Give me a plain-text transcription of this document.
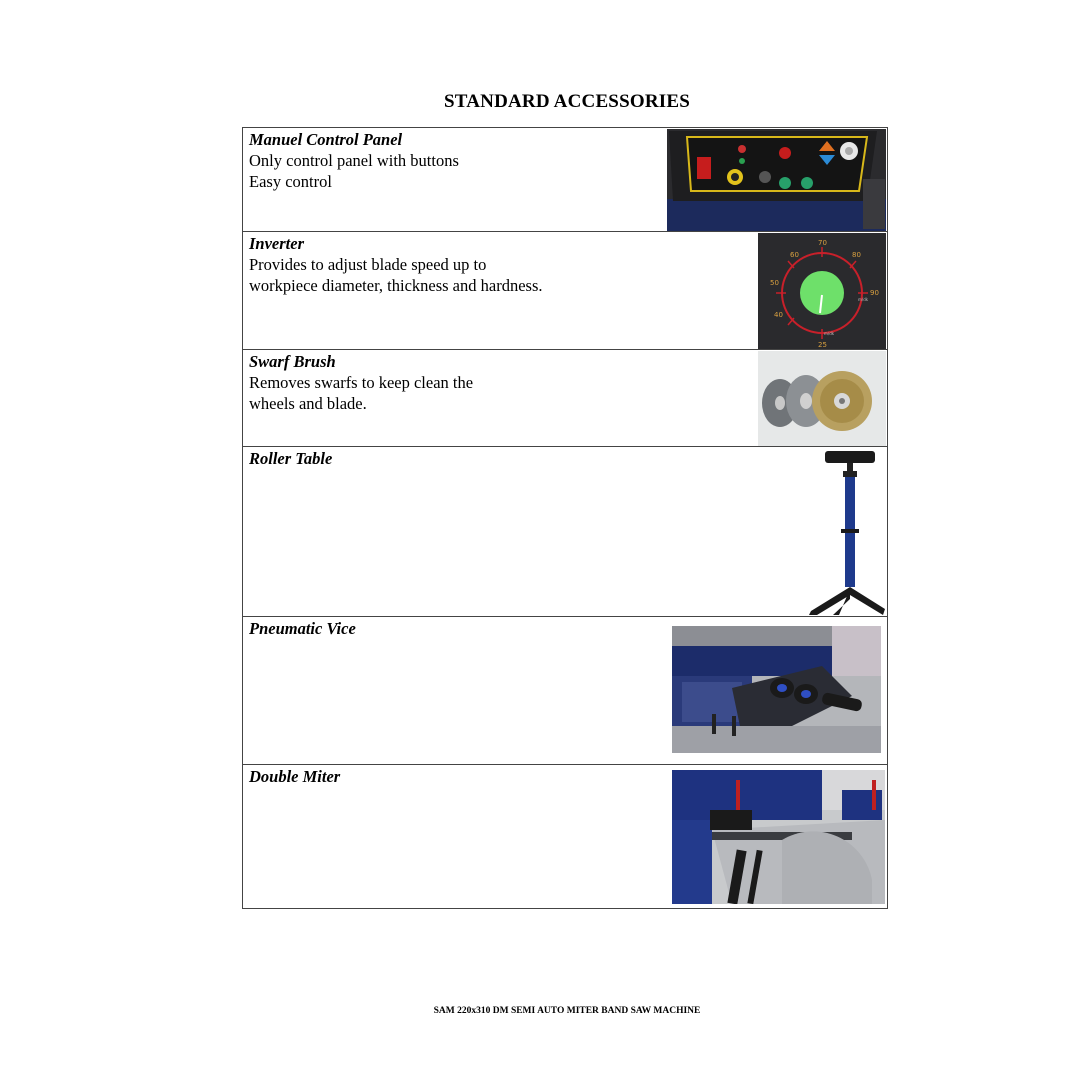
STANDARD ACCESSORIES
Manuel Control Panel
Only control panel with buttons
Easy control
Inverter
Provides to adjust blade speed up to
workpiece diameter, thickness and hardness.
70
60	80
50
90
40
25
m/dk
m/dk
Swarf Brush
Removes swarfs to keep clean the
wheels and blade.
Roller Table
Pneumatic Vice
Double Miter
SAM 220x310 DM SEMI AUTO MITER BAND SAW MACHINE
